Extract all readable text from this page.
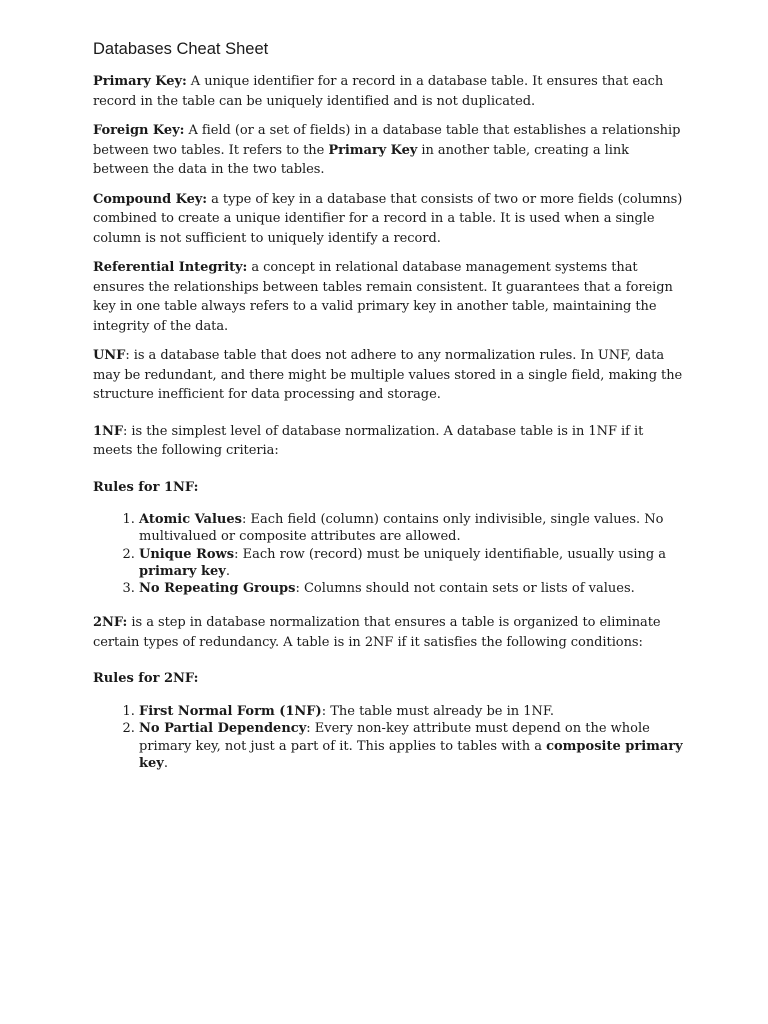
Databases Cheat Sheet

Primary Key: A unique identifier for a record in a database table. It ensures that each record in the table can be uniquely identified and is not duplicated.

Foreign Key: A field (or a set of fields) in a database table that establishes a relationship between two tables. It refers to the Primary Key in another table, creating a link between the data in the two tables.

Compound Key: a type of key in a database that consists of two or more fields (columns) combined to create a unique identifier for a record in a table. It is used when a single column is not sufficient to uniquely identify a record.

Referential Integrity: a concept in relational database management systems that ensures the relationships between tables remain consistent. It guarantees that a foreign key in one table always refers to a valid primary key in another table, maintaining the integrity of the data.

UNF: is a database table that does not adhere to any normalization rules. In UNF, data may be redundant, and there might be multiple values stored in a single field, making the structure inefficient for data processing and storage.

1NF: is the simplest level of database normalization. A database table is in 1NF if it meets the following criteria:

Rules for 1NF:

1. Atomic Values: Each field (column) contains only indivisible, single values. No multivalued or composite attributes are allowed.
2. Unique Rows: Each row (record) must be uniquely identifiable, usually using a primary key.
3. No Repeating Groups: Columns should not contain sets or lists of values.

2NF: is a step in database normalization that ensures a table is organized to eliminate certain types of redundancy. A table is in 2NF if it satisfies the following conditions:

Rules for 2NF:

1. First Normal Form (1NF): The table must already be in 1NF.
2. No Partial Dependency: Every non-key attribute must depend on the whole primary key, not just a part of it. This applies to tables with a composite primary key.
